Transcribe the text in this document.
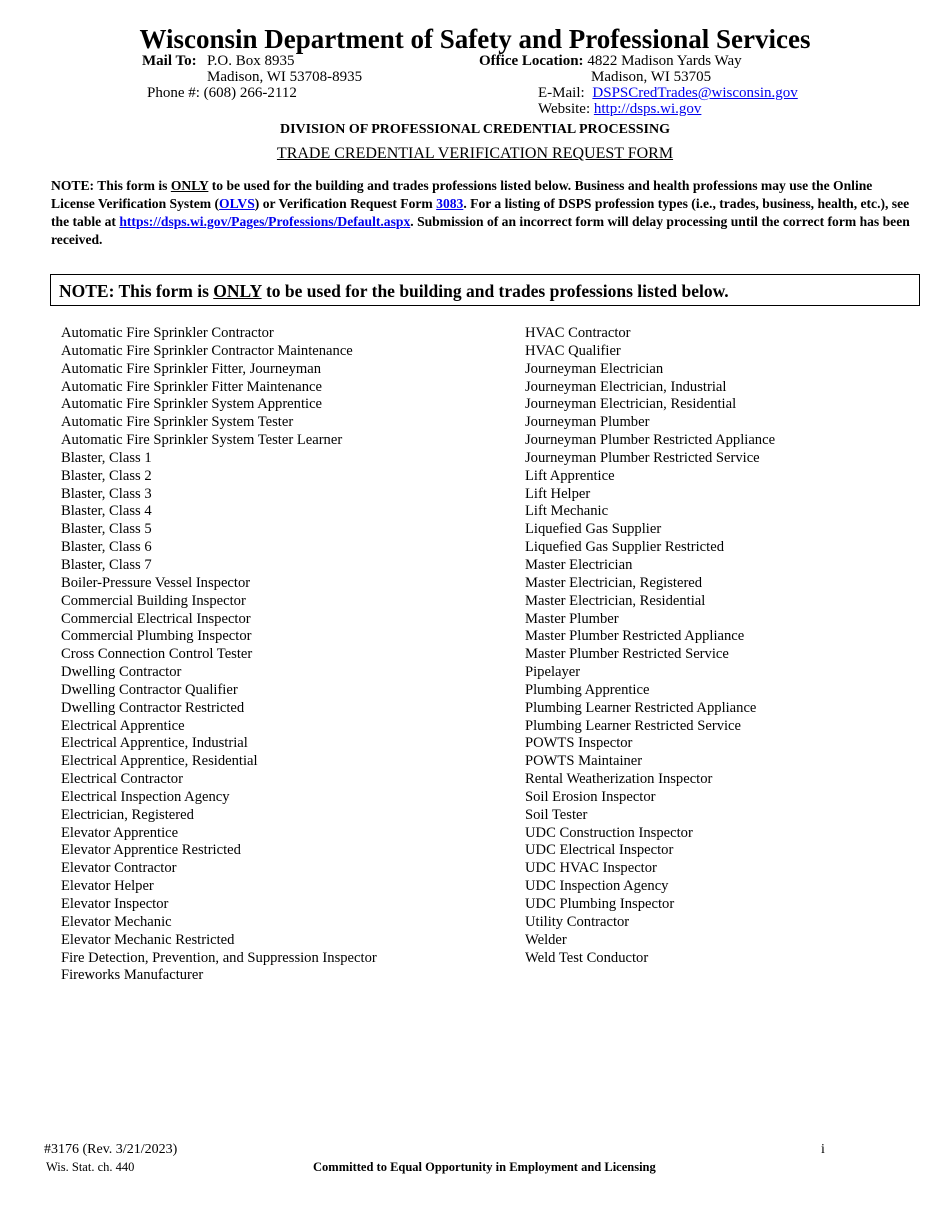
Wisconsin Department of Safety and Professional Services
Mail To: P.O. Box 8935
Madison, WI 53708-8935
Phone #: (608) 266-2112
Office Location: 4822 Madison Yards Way
Madison, WI 53705
E-Mail: DSPSCredTrades@wisconsin.gov
Website: http://dsps.wi.gov
DIVISION OF PROFESSIONAL CREDENTIAL PROCESSING
TRADE CREDENTIAL VERIFICATION REQUEST FORM
NOTE: This form is ONLY to be used for the building and trades professions listed below. Business and health professions may use the Online License Verification System (OLVS) or Verification Request Form 3083. For a listing of DSPS profession types (i.e., trades, business, health, etc.), see the table at https://dsps.wi.gov/Pages/Professions/Default.aspx. Submission of an incorrect form will delay processing until the correct form has been received.
NOTE: This form is ONLY to be used for the building and trades professions listed below.
Automatic Fire Sprinkler Contractor
Automatic Fire Sprinkler Contractor Maintenance
Automatic Fire Sprinkler Fitter, Journeyman
Automatic Fire Sprinkler Fitter Maintenance
Automatic Fire Sprinkler System Apprentice
Automatic Fire Sprinkler System Tester
Automatic Fire Sprinkler System Tester Learner
Blaster, Class 1
Blaster, Class 2
Blaster, Class 3
Blaster, Class 4
Blaster, Class 5
Blaster, Class 6
Blaster, Class 7
Boiler-Pressure Vessel Inspector
Commercial Building Inspector
Commercial Electrical Inspector
Commercial Plumbing Inspector
Cross Connection Control Tester
Dwelling Contractor
Dwelling Contractor Qualifier
Dwelling Contractor Restricted
Electrical Apprentice
Electrical Apprentice, Industrial
Electrical Apprentice, Residential
Electrical Contractor
Electrical Inspection Agency
Electrician, Registered
Elevator Apprentice
Elevator Apprentice Restricted
Elevator Contractor
Elevator Helper
Elevator Inspector
Elevator Mechanic
Elevator Mechanic Restricted
Fire Detection, Prevention, and Suppression Inspector
Fireworks Manufacturer
HVAC Contractor
HVAC Qualifier
Journeyman Electrician
Journeyman Electrician, Industrial
Journeyman Electrician, Residential
Journeyman Plumber
Journeyman Plumber Restricted Appliance
Journeyman Plumber Restricted Service
Lift Apprentice
Lift Helper
Lift Mechanic
Liquefied Gas Supplier
Liquefied Gas Supplier Restricted
Master Electrician
Master Electrician, Registered
Master Electrician, Residential
Master Plumber
Master Plumber Restricted Appliance
Master Plumber Restricted Service
Pipelayer
Plumbing Apprentice
Plumbing Learner Restricted Appliance
Plumbing Learner Restricted Service
POWTS Inspector
POWTS Maintainer
Rental Weatherization Inspector
Soil Erosion Inspector
Soil Tester
UDC Construction Inspector
UDC Electrical Inspector
UDC HVAC Inspector
UDC Inspection Agency
UDC Plumbing Inspector
Utility Contractor
Welder
Weld Test Conductor
#3176 (Rev. 3/21/2023)
Wis. Stat. ch. 440	Committed to Equal Opportunity in Employment and Licensing
i
